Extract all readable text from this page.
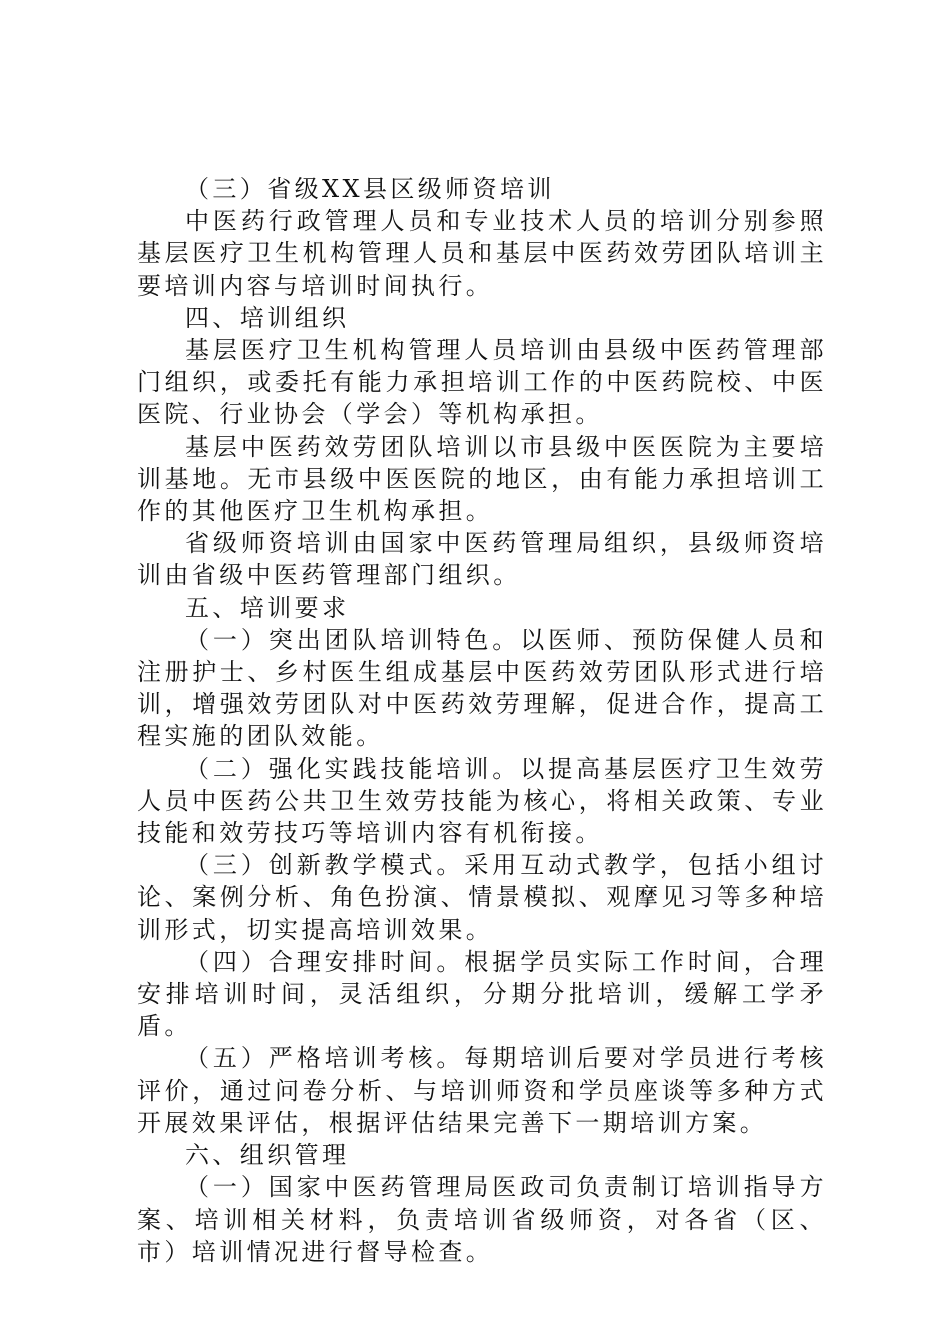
（三）省级XX县区级师资培训

中医药行政管理人员和专业技术人员的培训分别参照基层医疗卫生机构管理人员和基层中医药效劳团队培训主要培训内容与培训时间执行。

四、培训组织

基层医疗卫生机构管理人员培训由县级中医药管理部门组织，或委托有能力承担培训工作的中医药院校、中医医院、行业协会（学会）等机构承担。

基层中医药效劳团队培训以市县级中医医院为主要培训基地。无市县级中医医院的地区，由有能力承担培训工作的其他医疗卫生机构承担。

省级师资培训由国家中医药管理局组织，县级师资培训由省级中医药管理部门组织。

五、培训要求

（一）突出团队培训特色。以医师、预防保健人员和注册护士、乡村医生组成基层中医药效劳团队形式进行培训，增强效劳团队对中医药效劳理解，促进合作，提高工程实施的团队效能。

（二）强化实践技能培训。以提高基层医疗卫生效劳人员中医药公共卫生效劳技能为核心，将相关政策、专业技能和效劳技巧等培训内容有机衔接。

（三）创新教学模式。采用互动式教学，包括小组讨论、案例分析、角色扮演、情景模拟、观摩见习等多种培训形式，切实提高培训效果。

（四）合理安排时间。根据学员实际工作时间，合理安排培训时间，灵活组织，分期分批培训，缓解工学矛盾。

（五）严格培训考核。每期培训后要对学员进行考核评价，通过问卷分析、与培训师资和学员座谈等多种方式开展效果评估，根据评估结果完善下一期培训方案。

六、组织管理

（一）国家中医药管理局医政司负责制订培训指导方案、培训相关材料，负责培训省级师资，对各省（区、市）培训情况进行督导检查。
